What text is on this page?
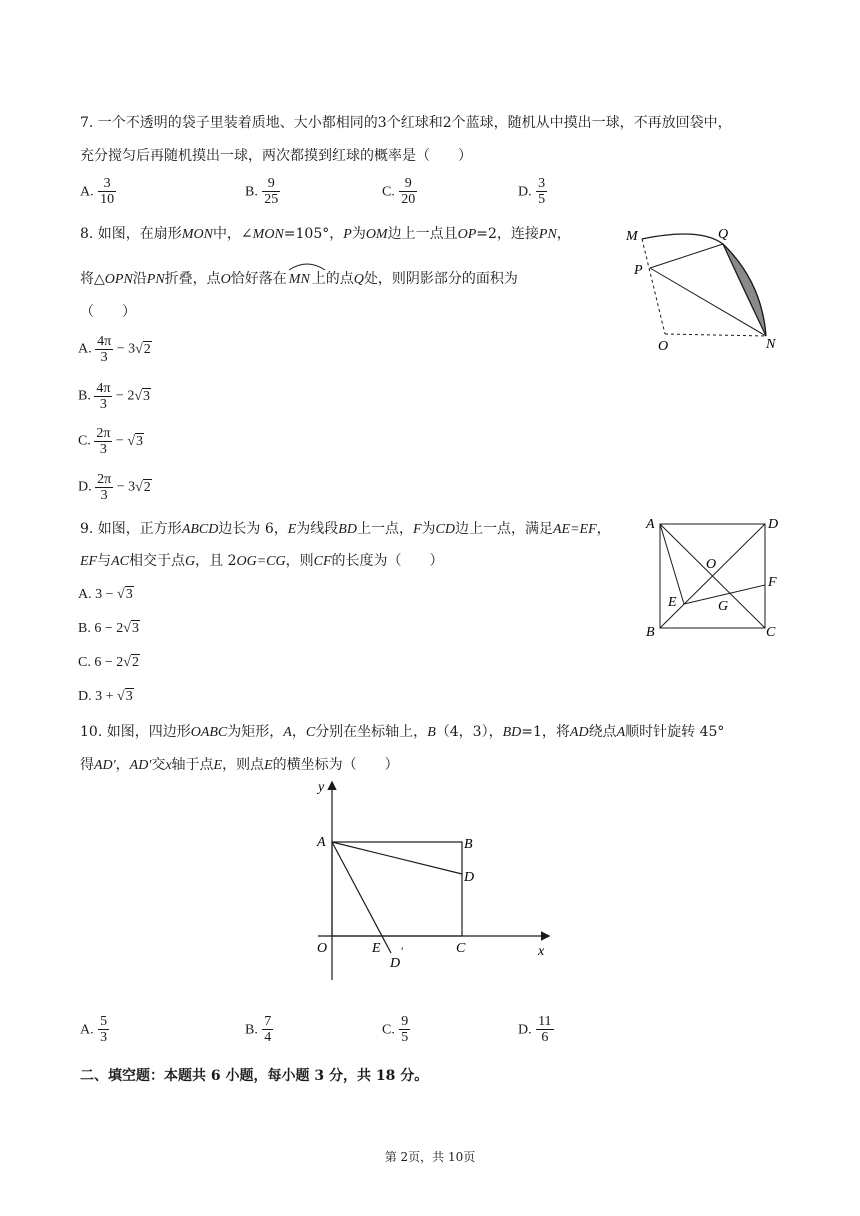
7. 一个不透明的袋子里装着质地、大小都相同的3个红球和2个蓝球，随机从中摸出一球，不再放回袋中，
充分搅匀后再随机摸出一球，两次都摸到红球的概率是（　　）
A. $\frac{3}{10}$	B. $\frac{9}{25}$	C. $\frac{9}{20}$	D. $\frac{3}{5}$
8. 如图，在扇形MON中，∠MON=105°，P为OM边上一点且OP=2，连接PN，
将△OPN沿PN折叠，点O恰好落在 MN 上的点Q处，则阴影部分的面积为
（　　）
A. $\frac{4\pi}{3} - 3√2$
B. $\frac{4\pi}{3} - 2√3$
C. $\frac{2\pi}{3} - √3$
D. $\frac{2\pi}{3} - 3√2$
M	Q
P
O	N
9. 如图，正方形ABCD边长为 6，E为线段BD上一点，F为CD边上一点，满足AE=EF，
EF与AC相交于点G，且 2OG=CG，则CF的长度为（　　）
A. 3 − √3
B. 6 − 2√3
C. 6 − 2√2
D. 3 + √3
A	D
O
F
E	G
B	C
10. 如图，四边形OABC为矩形，A，C分别在坐标轴上，B（4，3），BD=1，将AD绕点A顺时针旋转 45°
得AD'，AD'交x轴于点E，则点E的横坐标为（　　）
y
x
A	B
D
O	E
D
′	C
A. $\frac{5}{3}$	B. $\frac{7}{4}$	C. $\frac{9}{5}$	D. $\frac{11}{6}$
二、填空题：本题共 6 小题，每小题 3 分，共 18 分。
第 2页，共 10页
